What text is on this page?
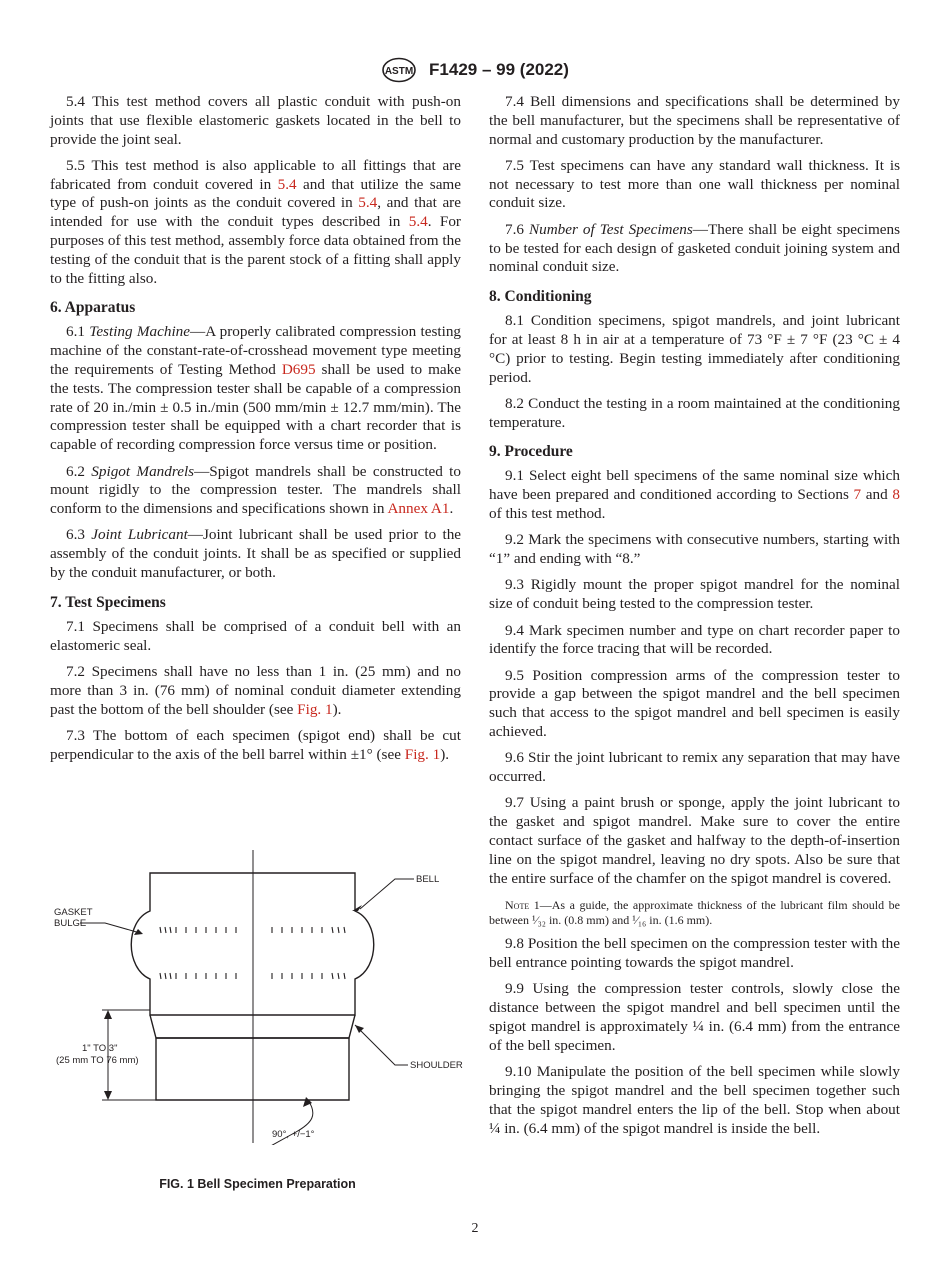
ASTM F1429 – 99 (2022)

5.4 This test method covers all plastic conduit with push-on joints that use flexible elastomeric gaskets located in the bell to provide the joint seal.

5.5 This test method is also applicable to all fittings that are fabricated from conduit covered in 5.4 and that utilize the same type of push-on joints as the conduit covered in 5.4, and that are intended for use with the conduit types described in 5.4. For purposes of this test method, assembly force data obtained from the testing of the conduit that is the parent stock of a fitting shall apply to the fitting also.

6. Apparatus

6.1 Testing Machine—A properly calibrated compression testing machine of the constant-rate-of-crosshead movement type meeting the requirements of Testing Method D695 shall be used to make the tests. The compression tester shall be capable of a compression rate of 20 in./min ± 0.5 in./min (500 mm/min ± 12.7 mm/min). The compression tester shall be equipped with a chart recorder that is capable of recording compression force versus time or position.

6.2 Spigot Mandrels—Spigot mandrels shall be constructed to mount rigidly to the compression tester. The mandrels shall conform to the dimensions and specifications shown in Annex A1.

6.3 Joint Lubricant—Joint lubricant shall be used prior to the assembly of the conduit joints. It shall be as specified or supplied by the conduit manufacturer, or both.

7. Test Specimens

7.1 Specimens shall be comprised of a conduit bell with an elastomeric seal.

7.2 Specimens shall have no less than 1 in. (25 mm) and no more than 3 in. (76 mm) of nominal conduit diameter extending past the bottom of the bell shoulder (see Fig. 1).

7.3 The bottom of each specimen (spigot end) shall be cut perpendicular to the axis of the bell barrel within ±1° (see Fig. 1).

BELL
GASKET
BULGE
SHOULDER
1" TO 3"
(25 mm TO 76 mm)
90°, +/−1°
FIG. 1 Bell Specimen Preparation

7.4 Bell dimensions and specifications shall be determined by the bell manufacturer, but the specimens shall be representative of normal and customary production by the manufacturer.

7.5 Test specimens can have any standard wall thickness. It is not necessary to test more than one wall thickness per nominal conduit size.

7.6 Number of Test Specimens—There shall be eight specimens to be tested for each design of gasketed conduit joining system and nominal conduit size.

8. Conditioning

8.1 Condition specimens, spigot mandrels, and joint lubricant for at least 8 h in air at a temperature of 73 °F ± 7 °F (23 °C ± 4 °C) prior to testing. Begin testing immediately after conditioning period.

8.2 Conduct the testing in a room maintained at the conditioning temperature.

9. Procedure

9.1 Select eight bell specimens of the same nominal size which have been prepared and conditioned according to Sections 7 and 8 of this test method.

9.2 Mark the specimens with consecutive numbers, starting with “1” and ending with “8.”

9.3 Rigidly mount the proper spigot mandrel for the nominal size of conduit being tested to the compression tester.

9.4 Mark specimen number and type on chart recorder paper to identify the force tracing that will be recorded.

9.5 Position compression arms of the compression tester to provide a gap between the spigot mandrel and the bell specimen such that access to the spigot mandrel and bell specimen is easily achieved.

9.6 Stir the joint lubricant to remix any separation that may have occurred.

9.7 Using a paint brush or sponge, apply the joint lubricant to the gasket and spigot mandrel. Make sure to cover the entire contact surface of the gasket and halfway to the depth-of-insertion line on the spigot mandrel, leaving no dry spots. Also be sure that the entire surface of the chamfer on the spigot mandrel is covered.

Note 1—As a guide, the approximate thickness of the lubricant film should be between ¹⁄₃₂ in. (0.8 mm) and ¹⁄₁₆ in. (1.6 mm).

9.8 Position the bell specimen on the compression tester with the bell entrance pointing towards the spigot mandrel.

9.9 Using the compression tester controls, slowly close the distance between the spigot mandrel and bell specimen until the spigot mandrel is approximately ¼ in. (6.4 mm) from the entrance of the bell specimen.

9.10 Manipulate the position of the bell specimen while slowly bringing the spigot mandrel and the bell specimen together such that the spigot mandrel enters the lip of the bell. Stop when about ¼ in. (6.4 mm) of the spigot mandrel is inside the bell.

2
